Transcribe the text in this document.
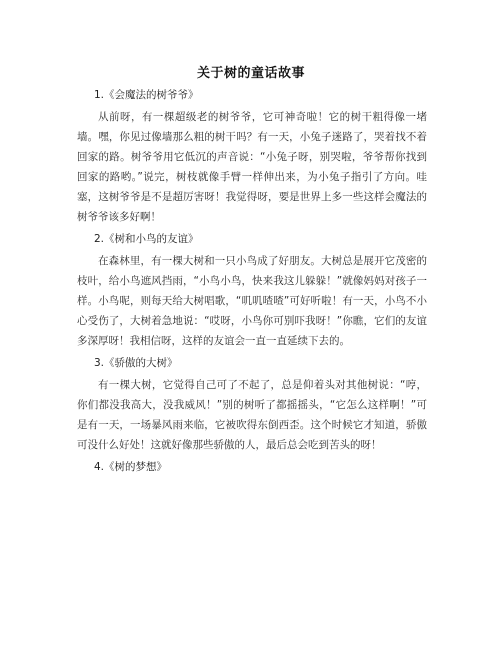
关于树的童话故事

1.《会魔法的树爷爷》

从前呀，有一棵超级老的树爷爷，它可神奇啦！它的树干粗得像一堵墙。嘿，你见过像墙那么粗的树干吗？有一天，小兔子迷路了，哭着找不着回家的路。树爷爷用它低沉的声音说：“小兔子呀，别哭啦，爷爷帮你找到回家的路哟。”说完，树枝就像手臂一样伸出来，为小兔子指引了方向。哇塞，这树爷爷是不是超厉害呀！我觉得呀，要是世界上多一些这样会魔法的树爷爷该多好啊！

2.《树和小鸟的友谊》

在森林里，有一棵大树和一只小鸟成了好朋友。大树总是展开它茂密的枝叶，给小鸟遮风挡雨，“小鸟小鸟，快来我这儿躲躲！”就像妈妈对孩子一样。小鸟呢，则每天给大树唱歌，“叽叽喳喳”可好听啦！有一天，小鸟不小心受伤了，大树着急地说：“哎呀，小鸟你可别吓我呀！”你瞧，它们的友谊多深厚呀！我相信呀，这样的友谊会一直一直延续下去的。

3.《骄傲的大树》

有一棵大树，它觉得自己可了不起了，总是仰着头对其他树说：“哼，你们都没我高大，没我威风！”别的树听了都摇摇头，“它怎么这样啊！”可是有一天，一场暴风雨来临，它被吹得东倒西歪。这个时候它才知道，骄傲可没什么好处！这就好像那些骄傲的人，最后总会吃到苦头的呀！

4.《树的梦想》
